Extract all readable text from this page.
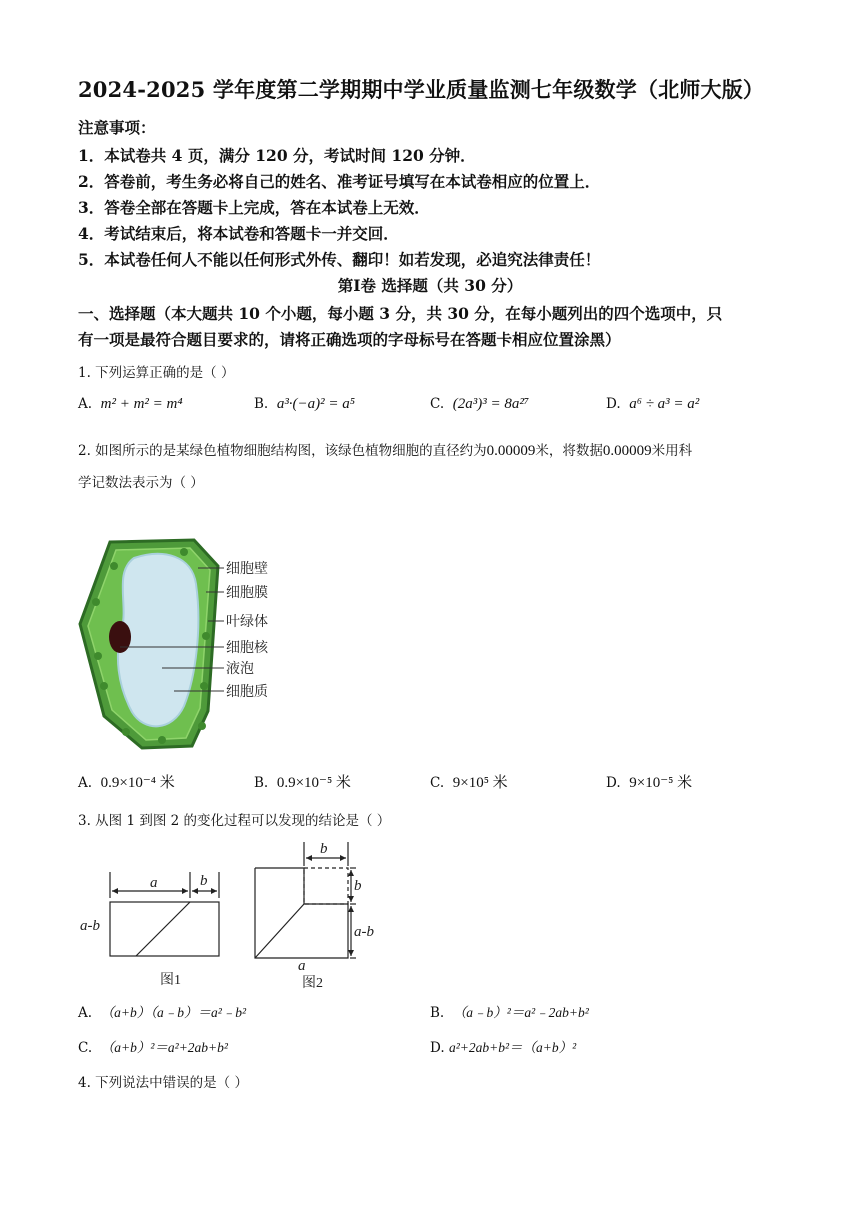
2024-2025 学年度第二学期期中学业质量监测七年级数学（北师大版）
注意事项：
1．本试卷共 4 页，满分 120 分，考试时间 120 分钟．
2．答卷前，考生务必将自己的姓名、准考证号填写在本试卷相应的位置上．
3．答卷全部在答题卡上完成，答在本试卷上无效．
4．考试结束后，将本试卷和答题卡一并交回．
5．本试卷任何人不能以任何形式外传、翻印！如若发现，必追究法律责任！
第Ⅰ卷 选择题（共 30 分）
一、选择题（本大题共 10 个小题，每小题 3 分，共 30 分，在每小题列出的四个选项中，只
有一项是最符合题目要求的，请将正确选项的字母标号在答题卡相应位置涂黑）
1. 下列运算正确的是（ ）
A. m² + m² = m⁴	B. a³·(−a)² = a⁵	C. (2a³)³ = 8a²⁷	D. a⁶ ÷ a³ = a²
2. 如图所示的是某绿色植物细胞结构图，该绿色植物细胞的直径约为0.00009米，将数据0.00009米用科
学记数法表示为（ ）
细胞壁
细胞膜
叶绿体
细胞核
液泡
细胞质
A. 0.9×10⁻⁴ 米	B. 0.9×10⁻⁵ 米	C. 9×10⁵ 米	D. 9×10⁻⁵ 米
3. 从图 1 到图 2 的变化过程可以发现的结论是（ ）
a	b
a-b
图1
b
b
a-b
a
图2
A. （a+b）（a﹣b）＝a²﹣b²	B. （a﹣b）²＝a²﹣2ab+b²
C. （a+b）²＝a²+2ab+b²	D. a²+2ab+b²＝（a+b）²
4. 下列说法中错误的是（ ）
